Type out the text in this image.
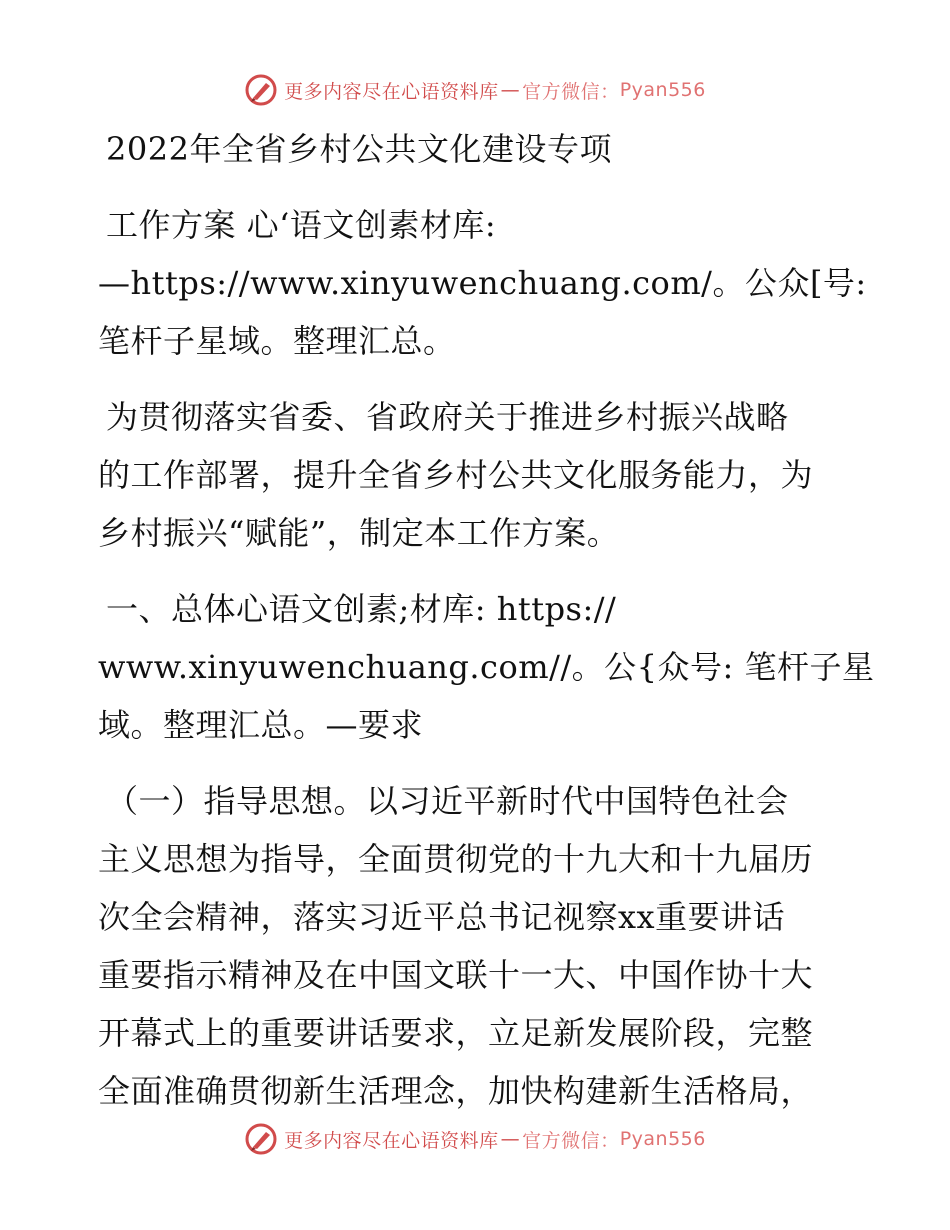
更多内容尽在心语资料库 — 官方微信： Pyan556
2022年全省乡村公共文化建设专项
工作方案 心‘语文创素材库:
—https://www.xinyuwenchuang.com/。公众[号:
笔杆子星域。整理汇总。
为贯彻落实省委、省政府关于推进乡村振兴战略
的工作部署，提升全省乡村公共文化服务能力，为
乡村振兴“赋能”，制定本工作方案。
一、总体心语文创素;材库: https://
www.xinyuwenchuang.com//。公{众号: 笔杆子星
域。整理汇总。—要求
（一）指导思想。以习近平新时代中国特色社会
主义思想为指导，全面贯彻党的十九大和十九届历
次全会精神，落实习近平总书记视察xx重要讲话
重要指示精神及在中国文联十一大、中国作协十大
开幕式上的重要讲话要求，立足新发展阶段，完整
全面准确贯彻新生活理念，加快构建新生活格局，
更多内容尽在心语资料库 — 官方微信： Pyan556
